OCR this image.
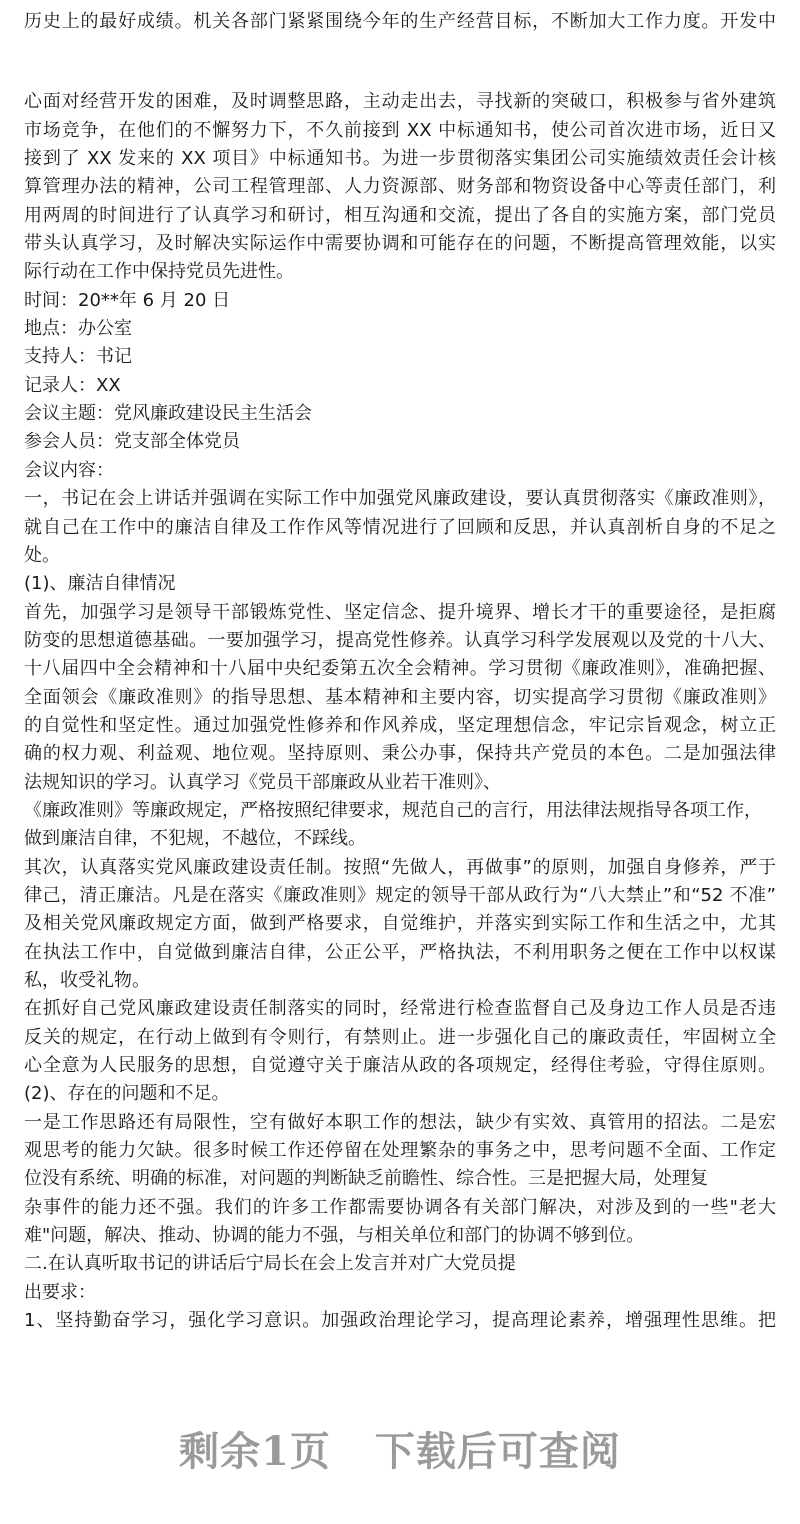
历史上的最好成绩。机关各部门紧紧围绕今年的生产经营目标，不断加大工作力度。开发中
心面对经营开发的困难，及时调整思路，主动走出去，寻找新的突破口，积极参与省外建筑
市场竞争，在他们的不懈努力下，不久前接到 XX 中标通知书，使公司首次进市场，近日又
接到了 XX 发来的 XX 项目》中标通知书。为进一步贯彻落实集团公司实施绩效责任会计核
算管理办法的精神，公司工程管理部、人力资源部、财务部和物资设备中心等责任部门，利
用两周的时间进行了认真学习和研讨，相互沟通和交流，提出了各自的实施方案，部门党员
带头认真学习，及时解决实际运作中需要协调和可能存在的问题，不断提高管理效能，以实
际行动在工作中保持党员先进性。
时间：20**年 6 月 20 日
地点：办公室
支持人：书记
记录人：XX
会议主题：党风廉政建设民主生活会
参会人员：党支部全体党员
会议内容：
一，书记在会上讲话并强调在实际工作中加强党风廉政建设，要认真贯彻落实《廉政准则》，
就自己在工作中的廉洁自律及工作作风等情况进行了回顾和反思，并认真剖析自身的不足之
处。
(1)、廉洁自律情况
首先，加强学习是领导干部锻炼党性、坚定信念、提升境界、增长才干的重要途径，是拒腐
防变的思想道德基础。一要加强学习，提高党性修养。认真学习科学发展观以及党的十八大、
十八届四中全会精神和十八届中央纪委第五次全会精神。学习贯彻《廉政准则》，准确把握、
全面领会《廉政准则》的指导思想、基本精神和主要内容，切实提高学习贯彻《廉政准则》
的自觉性和坚定性。通过加强党性修养和作风养成，坚定理想信念，牢记宗旨观念，树立正
确的权力观、利益观、地位观。坚持原则、秉公办事，保持共产党员的本色。二是加强法律
法规知识的学习。认真学习《党员干部廉政从业若干准则》、
《廉政准则》等廉政规定，严格按照纪律要求，规范自己的言行，用法律法规指导各项工作，
做到廉洁自律，不犯规，不越位，不踩线。
其次，认真落实党风廉政建设责任制。按照“先做人，再做事”的原则，加强自身修养，严于
律己，清正廉洁。凡是在落实《廉政准则》规定的领导干部从政行为“八大禁止”和“52 不准”
及相关党风廉政规定方面，做到严格要求，自觉维护，并落实到实际工作和生活之中，尤其
在执法工作中，自觉做到廉洁自律，公正公平，严格执法，不利用职务之便在工作中以权谋
私，收受礼物。
在抓好自己党风廉政建设责任制落实的同时，经常进行检查监督自己及身边工作人员是否违
反关的规定，在行动上做到有令则行，有禁则止。进一步强化自己的廉政责任，牢固树立全
心全意为人民服务的思想，自觉遵守关于廉洁从政的各项规定，经得住考验，守得住原则。
(2)、存在的问题和不足。
一是工作思路还有局限性，空有做好本职工作的想法，缺少有实效、真管用的招法。二是宏
观思考的能力欠缺。很多时候工作还停留在处理繁杂的事务之中，思考问题不全面、工作定
位没有系统、明确的标准，对问题的判断缺乏前瞻性、综合性。三是把握大局，处理复
杂事件的能力还不强。我们的许多工作都需要协调各有关部门解决，对涉及到的一些"老大
难"问题，解决、推动、协调的能力不强，与相关单位和部门的协调不够到位。
二.在认真听取书记的讲话后宁局长在会上发言并对广大党员提
出要求：
1、坚持勤奋学习，强化学习意识。加强政治理论学习，提高理论素养，增强理性思维。把
剩余1页 下载后可查阅
